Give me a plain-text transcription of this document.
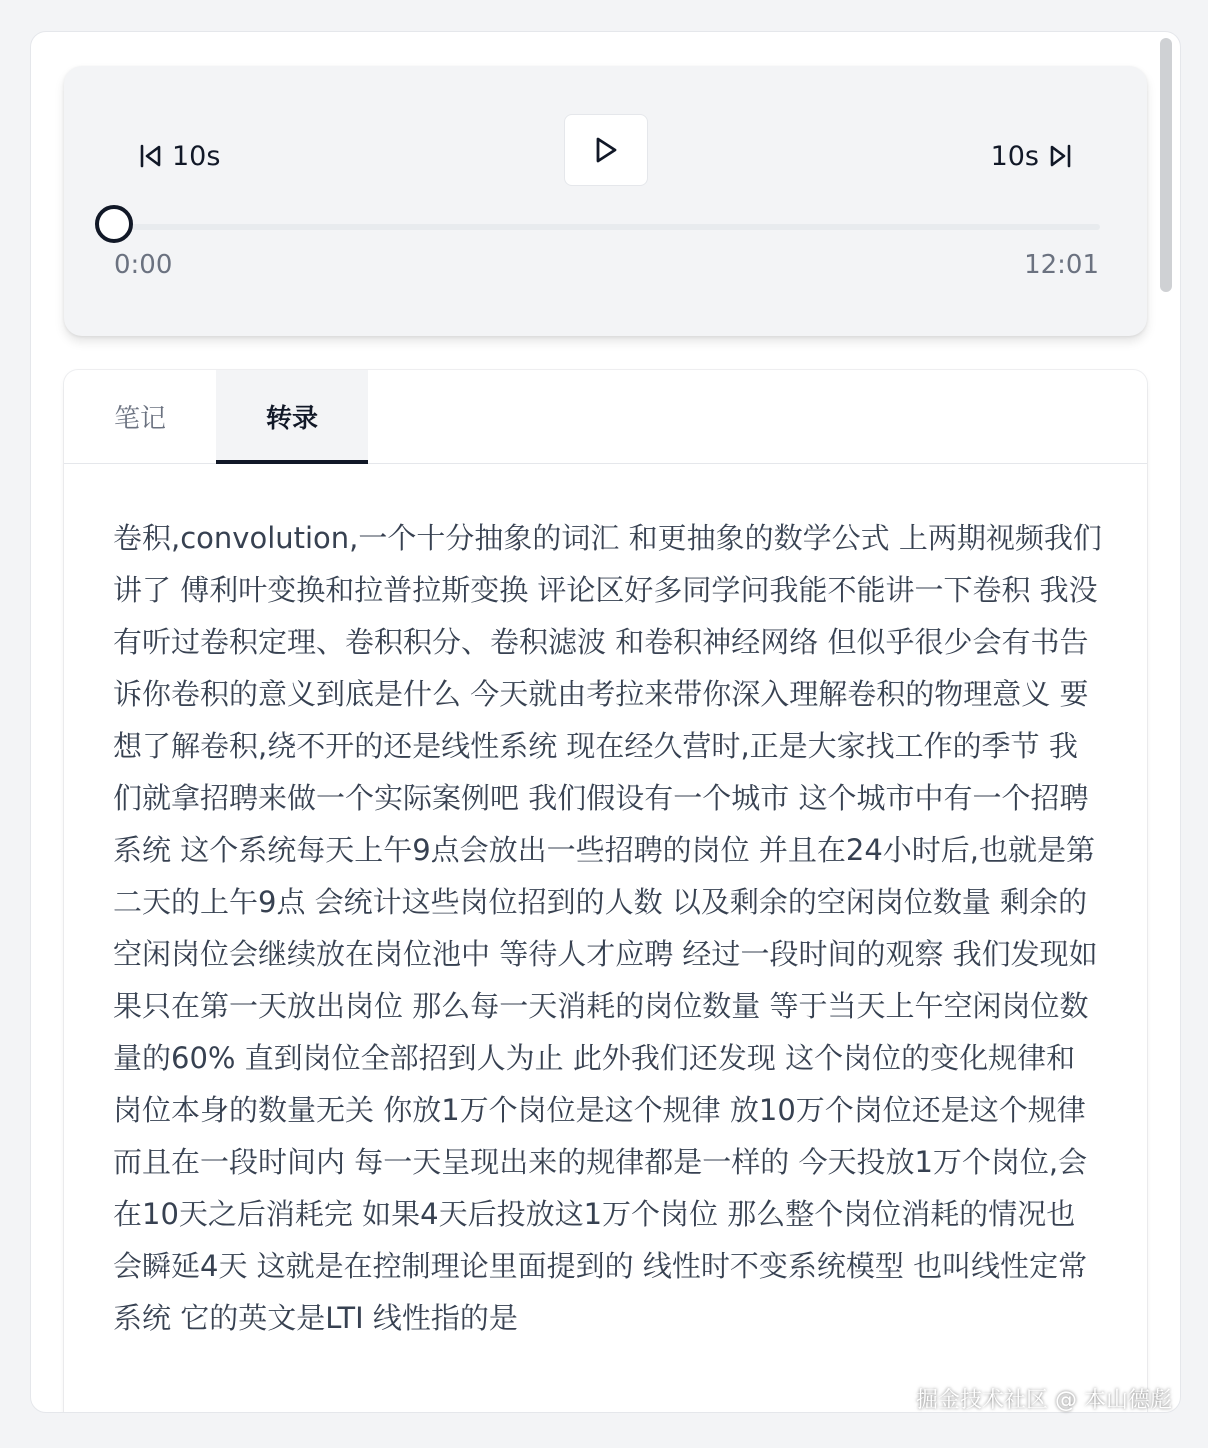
10s	10s
0:00	12:01
笔记	转录
卷积,convolution,一个十分抽象的词汇 和更抽象的数学公式 上两期视频我们讲了 傅利叶变换和拉普拉斯变换 评论区好多同学问我能不能讲一下卷积 我没有听过卷积定理、卷积积分、卷积滤波 和卷积神经网络 但似乎很少会有书告诉你卷积的意义到底是什么 今天就由考拉来带你深入理解卷积的物理意义 要想了解卷积,绕不开的还是线性系统 现在经久营时,正是大家找工作的季节 我们就拿招聘来做一个实际案例吧 我们假设有一个城市 这个城市中有一个招聘系统 这个系统每天上午9点会放出一些招聘的岗位 并且在24小时后,也就是第二天的上午9点 会统计这些岗位招到的人数 以及剩余的空闲岗位数量 剩余的空闲岗位会继续放在岗位池中 等待人才应聘 经过一段时间的观察 我们发现如果只在第一天放出岗位 那么每一天消耗的岗位数量 等于当天上午空闲岗位数量的60% 直到岗位全部招到人为止 此外我们还发现 这个岗位的变化规律和岗位本身的数量无关 你放1万个岗位是这个规律 放10万个岗位还是这个规律 而且在一段时间内 每一天呈现出来的规律都是一样的 今天投放1万个岗位,会在10天之后消耗完 如果4天后投放这1万个岗位 那么整个岗位消耗的情况也会瞬延4天 这就是在控制理论里面提到的 线性时不变系统模型 也叫线性定常系统 它的英文是LTI 线性指的是
掘金技术社区 @ 本山德彪
